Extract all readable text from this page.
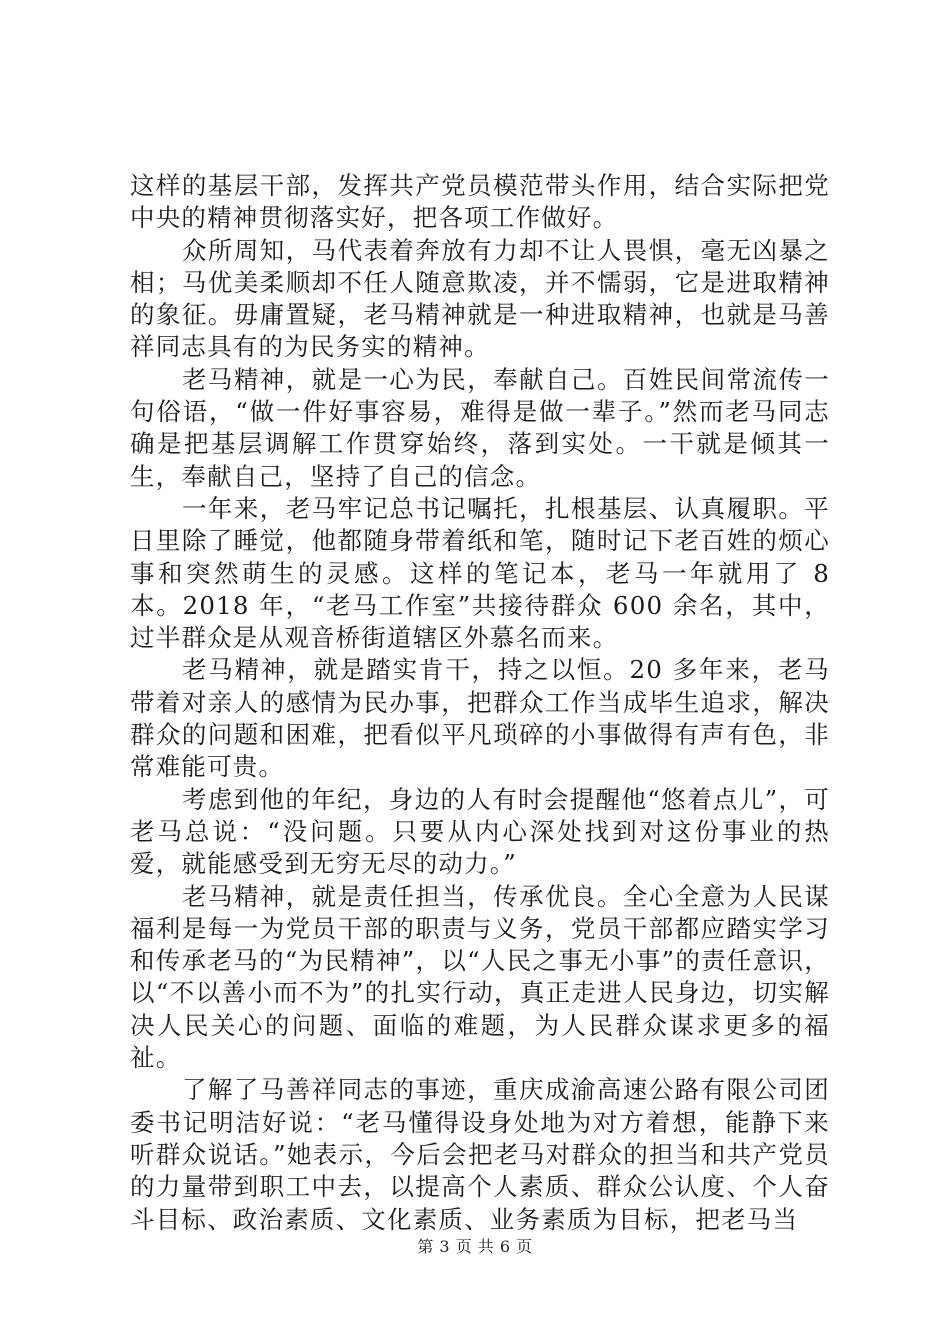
这样的基层干部，发挥共产党员模范带头作用，结合实际把党中央的精神贯彻落实好，把各项工作做好。

众所周知，马代表着奔放有力却不让人畏惧，毫无凶暴之相；马优美柔顺却不任人随意欺凌，并不懦弱，它是进取精神的象征。毋庸置疑，老马精神就是一种进取精神，也就是马善祥同志具有的为民务实的精神。

老马精神，就是一心为民，奉献自己。百姓民间常流传一句俗语，“做一件好事容易，难得是做一辈子。”然而老马同志确是把基层调解工作贯穿始终，落到实处。一干就是倾其一生，奉献自己，坚持了自己的信念。

一年来，老马牢记总书记嘱托，扎根基层、认真履职。平日里除了睡觉，他都随身带着纸和笔，随时记下老百姓的烦心事和突然萌生的灵感。这样的笔记本，老马一年就用了 8 本。2018 年，“老马工作室”共接待群众 600 余名，其中，过半群众是从观音桥街道辖区外慕名而来。

老马精神，就是踏实肯干，持之以恒。20 多年来，老马带着对亲人的感情为民办事，把群众工作当成毕生追求，解决群众的问题和困难，把看似平凡琐碎的小事做得有声有色，非常难能可贵。

考虑到他的年纪，身边的人有时会提醒他“悠着点儿”，可老马总说：“没问题。只要从内心深处找到对这份事业的热爱，就能感受到无穷无尽的动力。”

老马精神，就是责任担当，传承优良。全心全意为人民谋福利是每一为党员干部的职责与义务，党员干部都应踏实学习和传承老马的“为民精神”，以“人民之事无小事”的责任意识，以“不以善小而不为”的扎实行动，真正走进人民身边，切实解决人民关心的问题、面临的难题，为人民群众谋求更多的福祉。

了解了马善祥同志的事迹，重庆成渝高速公路有限公司团委书记明洁好说：“老马懂得设身处地为对方着想，能静下来听群众说话。”她表示，今后会把老马对群众的担当和共产党员的力量带到职工中去，以提高个人素质、群众公认度、个人奋斗目标、政治素质、文化素质、业务素质为目标，把老马当

第 3 页 共 6 页
